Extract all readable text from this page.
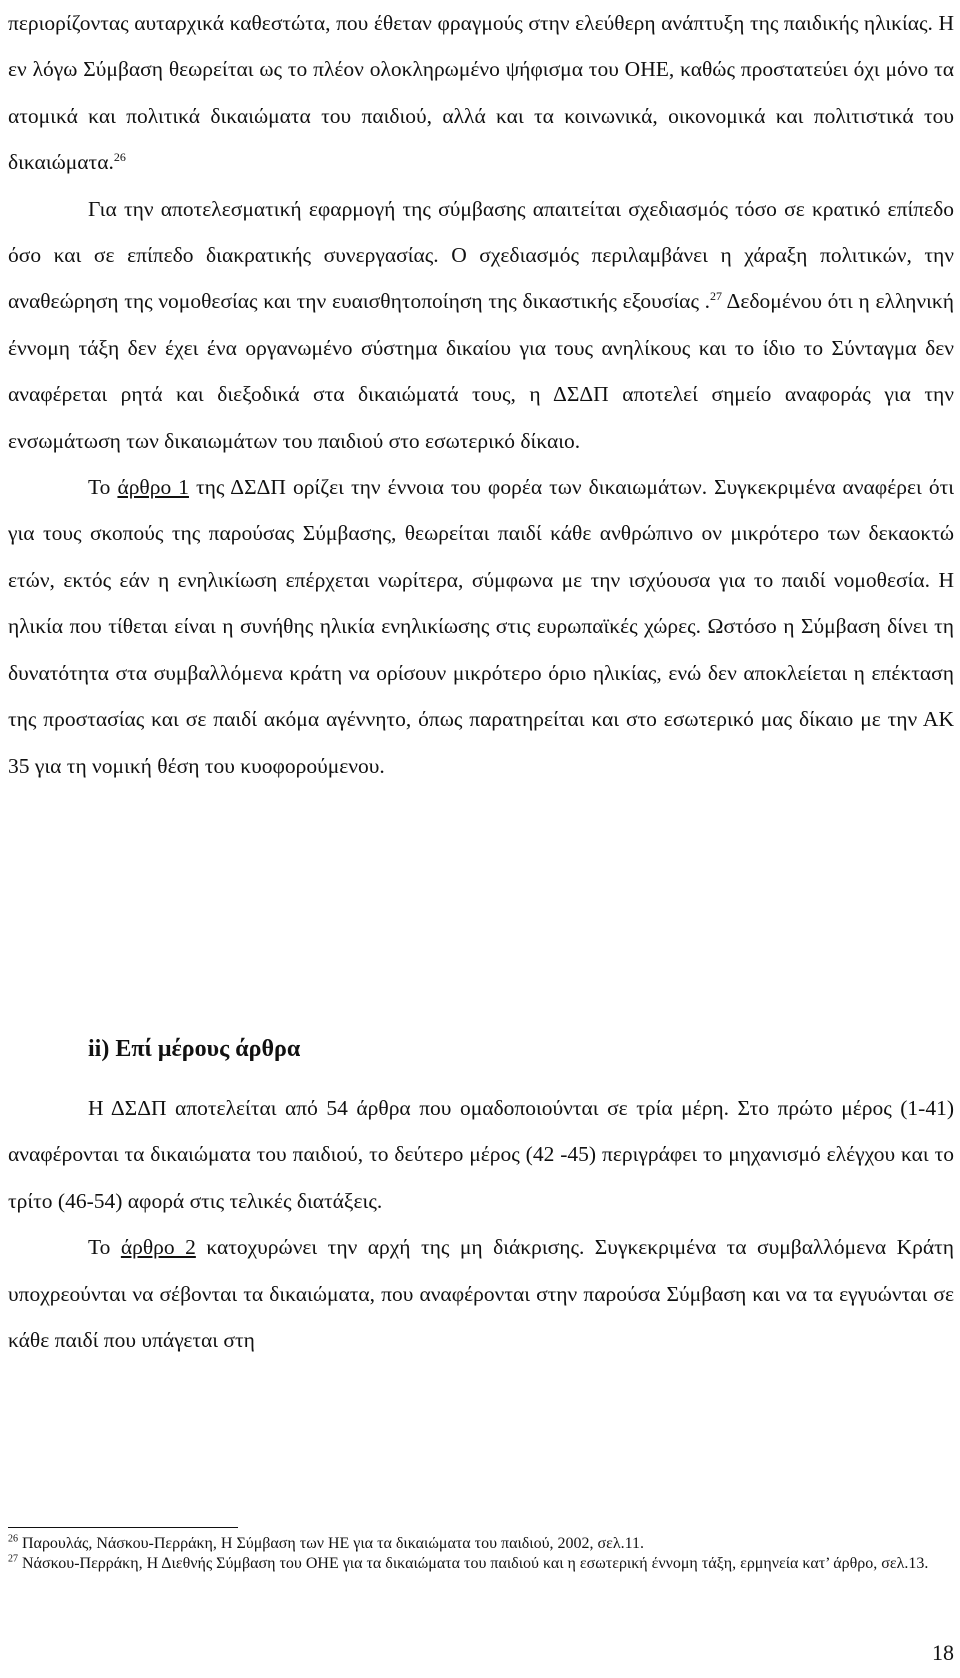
περιορίζοντας αυταρχικά καθεστώτα, που έθεταν φραγμούς στην ελεύθερη ανάπτυξη της παιδικής ηλικίας. Η εν λόγω Σύμβαση θεωρείται ως το πλέον ολοκληρωμένο ψήφισμα του ΟΗΕ, καθώς προστατεύει όχι μόνο τα ατομικά και πολιτικά δικαιώματα του παιδιού, αλλά και τα κοινωνικά, οικονομικά και πολιτιστικά του δικαιώματα.$^{26}$

Για την αποτελεσματική εφαρμογή της σύμβασης απαιτείται σχεδιασμός τόσο σε κρατικό επίπεδο όσο και σε επίπεδο διακρατικής συνεργασίας. Ο σχεδιασμός περιλαμβάνει η χάραξη πολιτικών, την αναθεώρηση της νομοθεσίας και την ευαισθητοποίηση της δικαστικής εξουσίας .$^{27}$ Δεδομένου ότι η ελληνική έννομη τάξη δεν έχει ένα οργανωμένο σύστημα δικαίου για τους ανηλίκους και το ίδιο το Σύνταγμα δεν αναφέρεται ρητά και διεξοδικά στα δικαιώματά τους, η ΔΣΔΠ αποτελεί σημείο αναφοράς για την ενσωμάτωση των δικαιωμάτων του παιδιού στο εσωτερικό δίκαιο.

Το άρθρο 1 της ΔΣΔΠ ορίζει την έννοια του φορέα των δικαιωμάτων. Συγκεκριμένα αναφέρει ότι για τους σκοπούς της παρούσας Σύμβασης, θεωρείται παιδί κάθε ανθρώπινο ον μικρότερο των δεκαοκτώ ετών, εκτός εάν η ενηλικίωση επέρχεται νωρίτερα, σύμφωνα με την ισχύουσα για το παιδί νομοθεσία. Η ηλικία που τίθεται είναι η συνήθης ηλικία ενηλικίωσης στις ευρωπαϊκές χώρες. Ωστόσο η Σύμβαση δίνει τη δυνατότητα στα συμβαλλόμενα κράτη να ορίσουν μικρότερο όριο ηλικίας, ενώ δεν αποκλείεται η επέκταση της προστασίας και σε παιδί ακόμα αγέννητο, όπως παρατηρείται και στο εσωτερικό μας δίκαιο με την ΑΚ 35 για τη νομική θέση του κυοφορούμενου.

ii) Επί μέρους άρθρα

Η ΔΣΔΠ αποτελείται από 54 άρθρα που ομαδοποιούνται σε τρία μέρη. Στο πρώτο μέρος (1-41) αναφέρονται τα δικαιώματα του παιδιού, το δεύτερο μέρος (42 -45) περιγράφει το μηχανισμό ελέγχου και το τρίτο (46-54) αφορά στις τελικές διατάξεις.

Το άρθρο 2 κατοχυρώνει την αρχή της μη διάκρισης. Συγκεκριμένα τα συμβαλλόμενα Κράτη υποχρεούνται να σέβονται τα δικαιώματα, που αναφέρονται στην παρούσα Σύμβαση και να τα εγγυώνται σε κάθε παιδί που υπάγεται στη

$^{26}$ Παρουλάς, Νάσκου-Περράκη, Η Σύμβαση των ΗΕ για τα δικαιώματα του παιδιού, 2002, σελ.11.

$^{27}$ Νάσκου-Περράκη, Η Διεθνής Σύμβαση του ΟΗΕ για τα δικαιώματα του παιδιού και η εσωτερική έννομη τάξη, ερμηνεία κατ’ άρθρο, σελ.13.

18
